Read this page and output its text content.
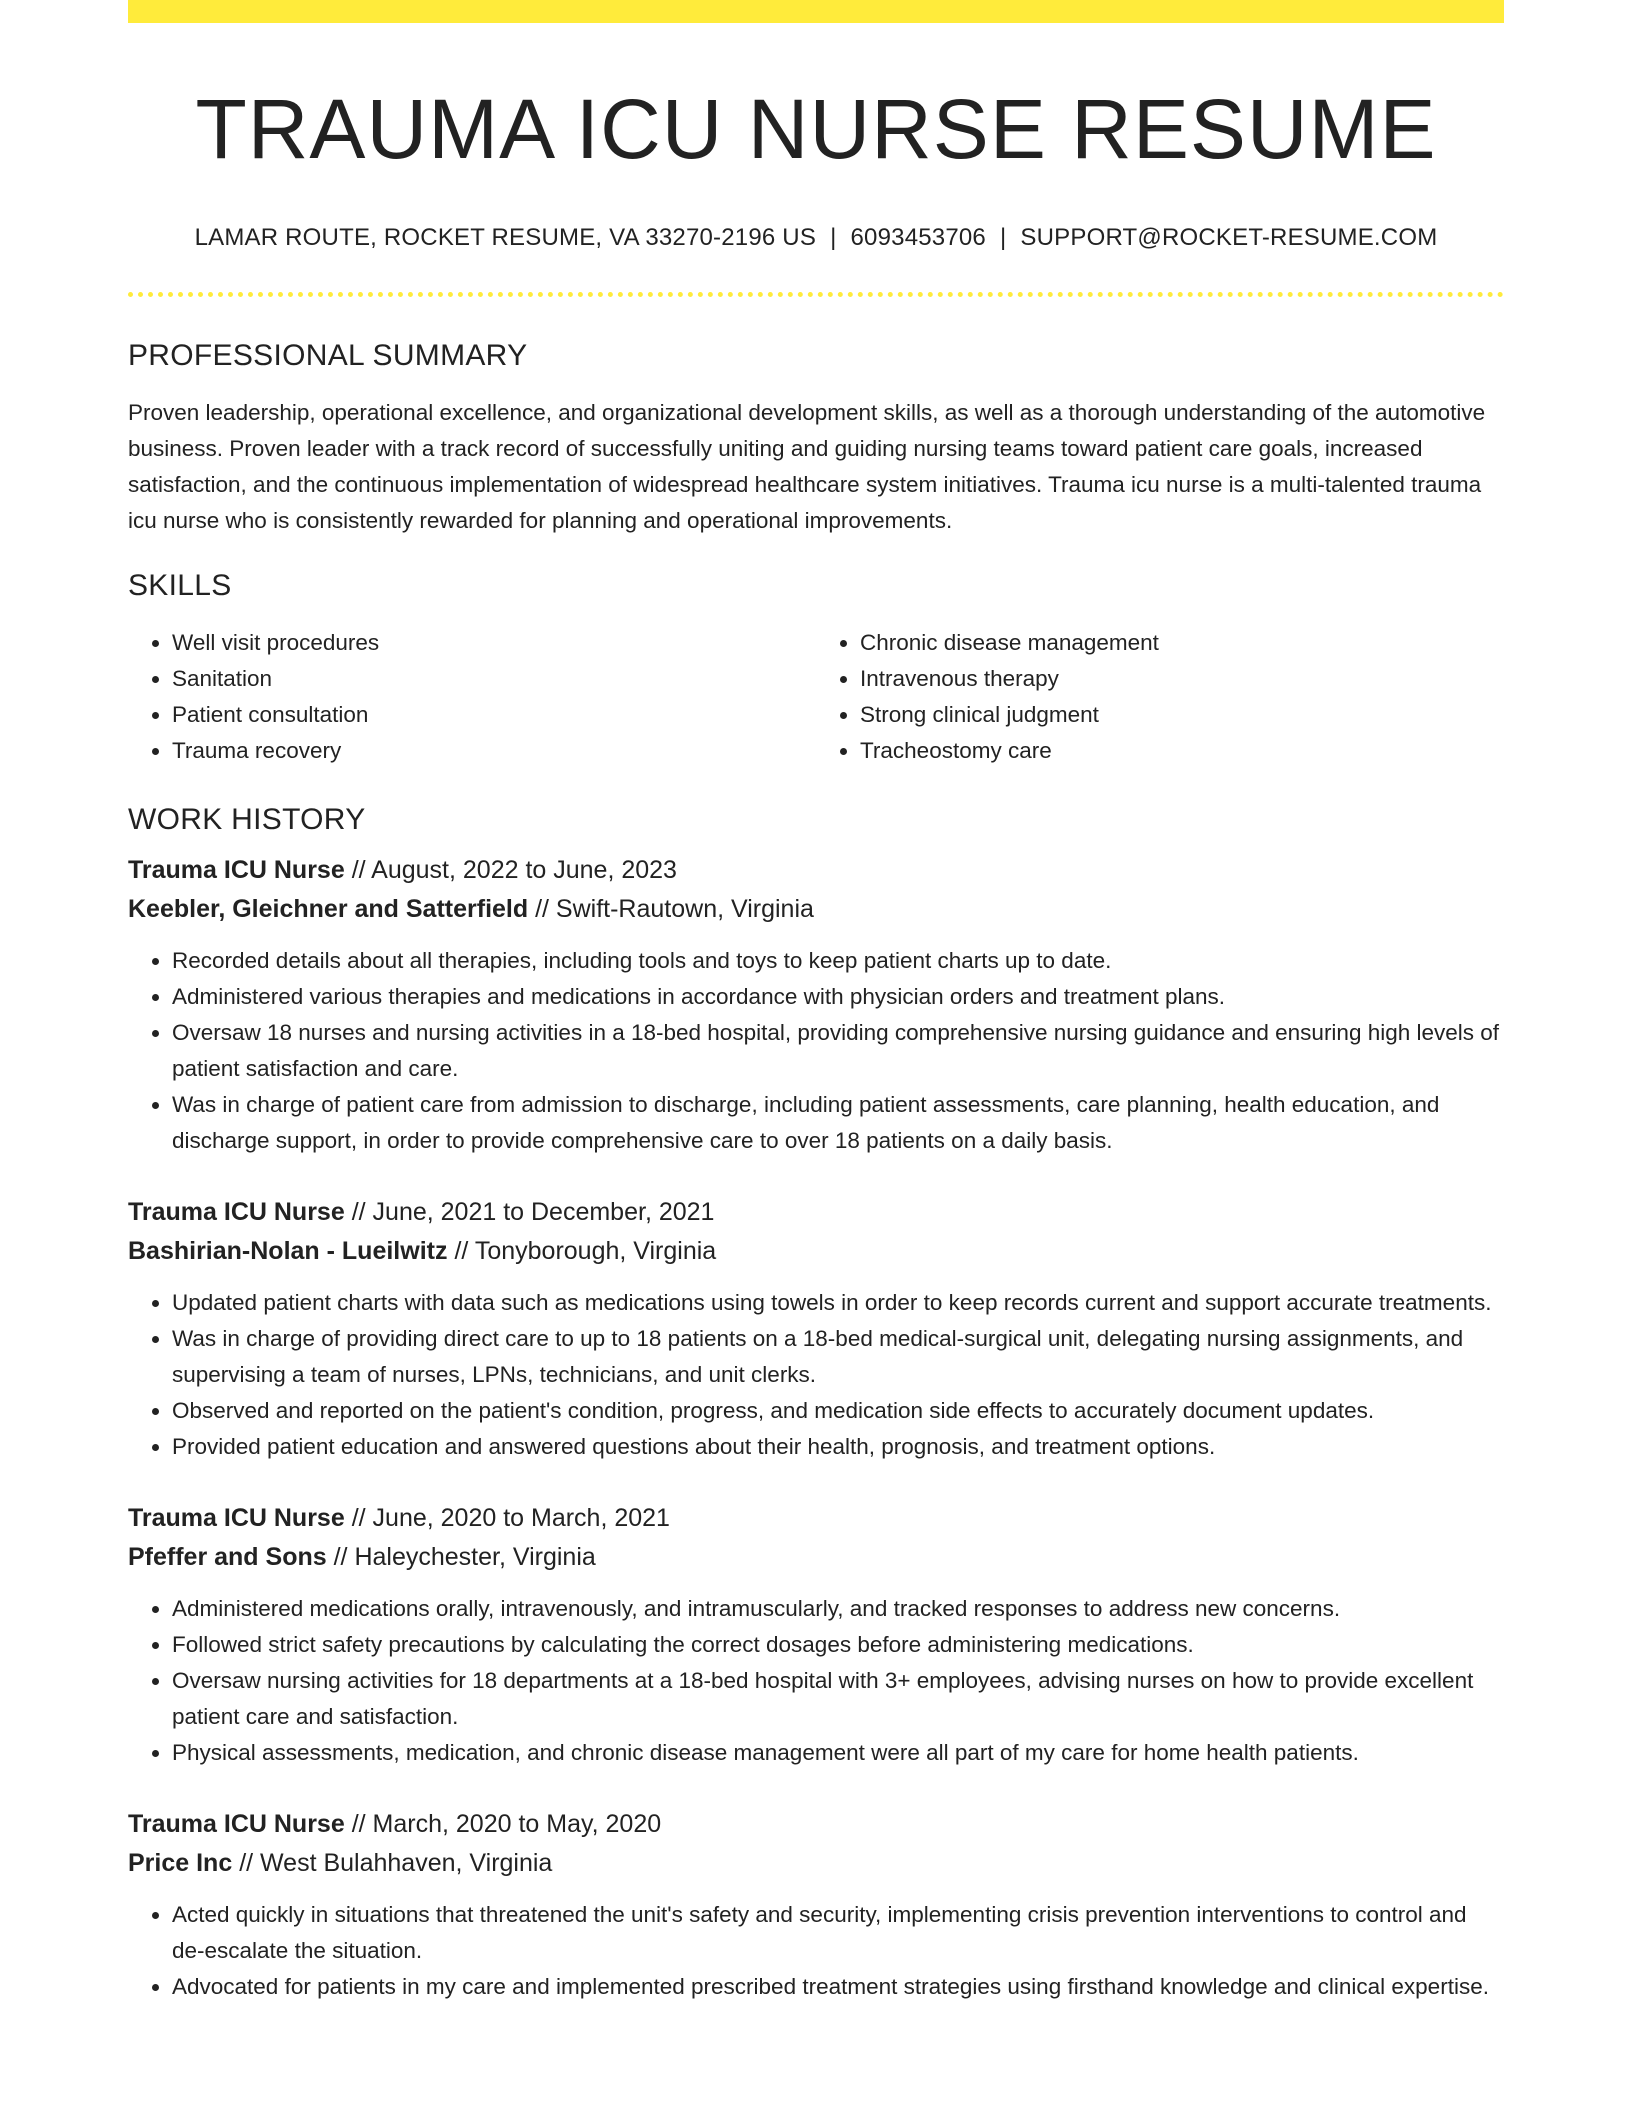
TRAUMA ICU NURSE RESUME
LAMAR ROUTE, ROCKET RESUME, VA 33270-2196 US | 6093453706 | SUPPORT@ROCKET-RESUME.COM
PROFESSIONAL SUMMARY

Proven leadership, operational excellence, and organizational development skills, as well as a thorough understanding of the automotive business. Proven leader with a track record of successfully uniting and guiding nursing teams toward patient care goals, increased satisfaction, and the continuous implementation of widespread healthcare system initiatives. Trauma icu nurse is a multi-talented trauma icu nurse who is consistently rewarded for planning and operational improvements.

SKILLS
• Well visit procedures
• Sanitation
• Patient consultation
• Trauma recovery
• Chronic disease management
• Intravenous therapy
• Strong clinical judgment
• Tracheostomy care
WORK HISTORY
Trauma ICU Nurse // August, 2022 to June, 2023
Keebler, Gleichner and Satterfield // Swift-Rautown, Virginia
• Recorded details about all therapies, including tools and toys to keep patient charts up to date.
• Administered various therapies and medications in accordance with physician orders and treatment plans.
• Oversaw 18 nurses and nursing activities in a 18-bed hospital, providing comprehensive nursing guidance and ensuring high levels of patient satisfaction and care.
• Was in charge of patient care from admission to discharge, including patient assessments, care planning, health education, and discharge support, in order to provide comprehensive care to over 18 patients on a daily basis.
Trauma ICU Nurse // June, 2021 to December, 2021
Bashirian-Nolan - Lueilwitz // Tonyborough, Virginia
• Updated patient charts with data such as medications using towels in order to keep records current and support accurate treatments.
• Was in charge of providing direct care to up to 18 patients on a 18-bed medical-surgical unit, delegating nursing assignments, and supervising a team of nurses, LPNs, technicians, and unit clerks.
• Observed and reported on the patient's condition, progress, and medication side effects to accurately document updates.
• Provided patient education and answered questions about their health, prognosis, and treatment options.
Trauma ICU Nurse // June, 2020 to March, 2021
Pfeffer and Sons // Haleychester, Virginia
• Administered medications orally, intravenously, and intramuscularly, and tracked responses to address new concerns.
• Followed strict safety precautions by calculating the correct dosages before administering medications.
• Oversaw nursing activities for 18 departments at a 18-bed hospital with 3+ employees, advising nurses on how to provide excellent patient care and satisfaction.
• Physical assessments, medication, and chronic disease management were all part of my care for home health patients.
Trauma ICU Nurse // March, 2020 to May, 2020
Price Inc // West Bulahhaven, Virginia
• Acted quickly in situations that threatened the unit's safety and security, implementing crisis prevention interventions to control and de-escalate the situation.
• Advocated for patients in my care and implemented prescribed treatment strategies using firsthand knowledge and clinical expertise.
